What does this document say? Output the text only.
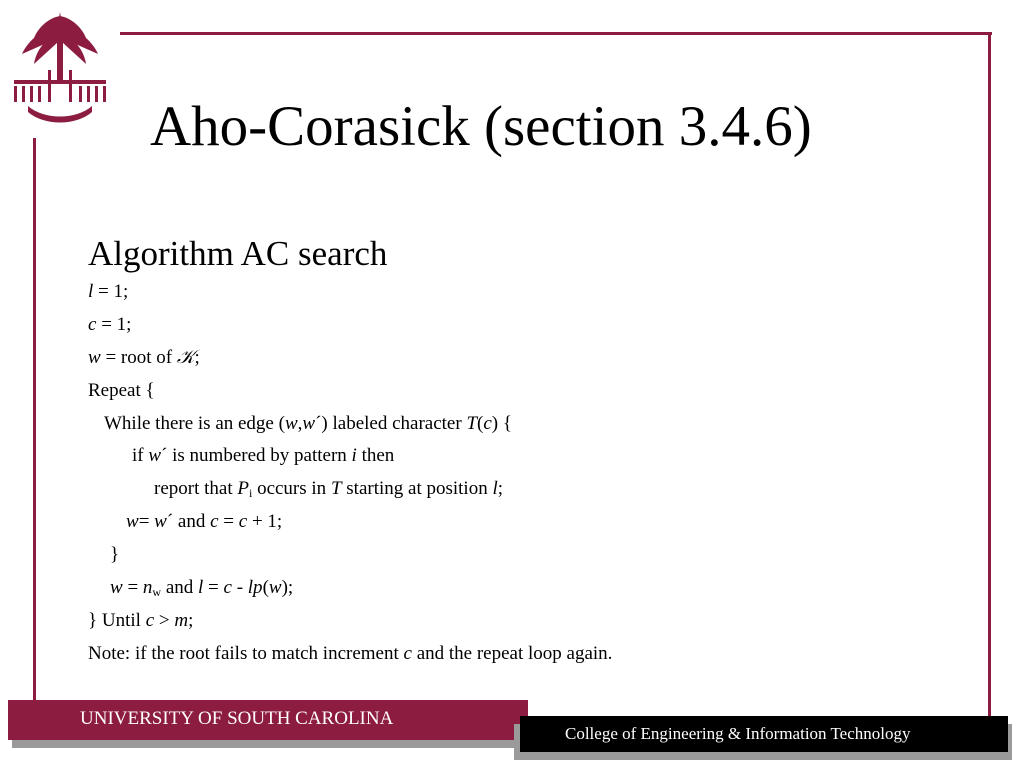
1801 Aho-Corasick (section 3.4.6)
Algorithm AC search
l = 1;
c = 1;
w = root of 𝒦;
Repeat {
While there is an edge (w,w´) labeled character T(c) {
if w´ is numbered by pattern i then
report that $P_i$ occurs in T starting at position l;
w= w´ and c = c + 1;
}
$w = n_w$ and l = c - lp(w);
} Until c > m;
Note: if the root fails to match increment c and the repeat loop again.
UNIVERSITY OF SOUTH CAROLINA
College of Engineering & Information Technology
